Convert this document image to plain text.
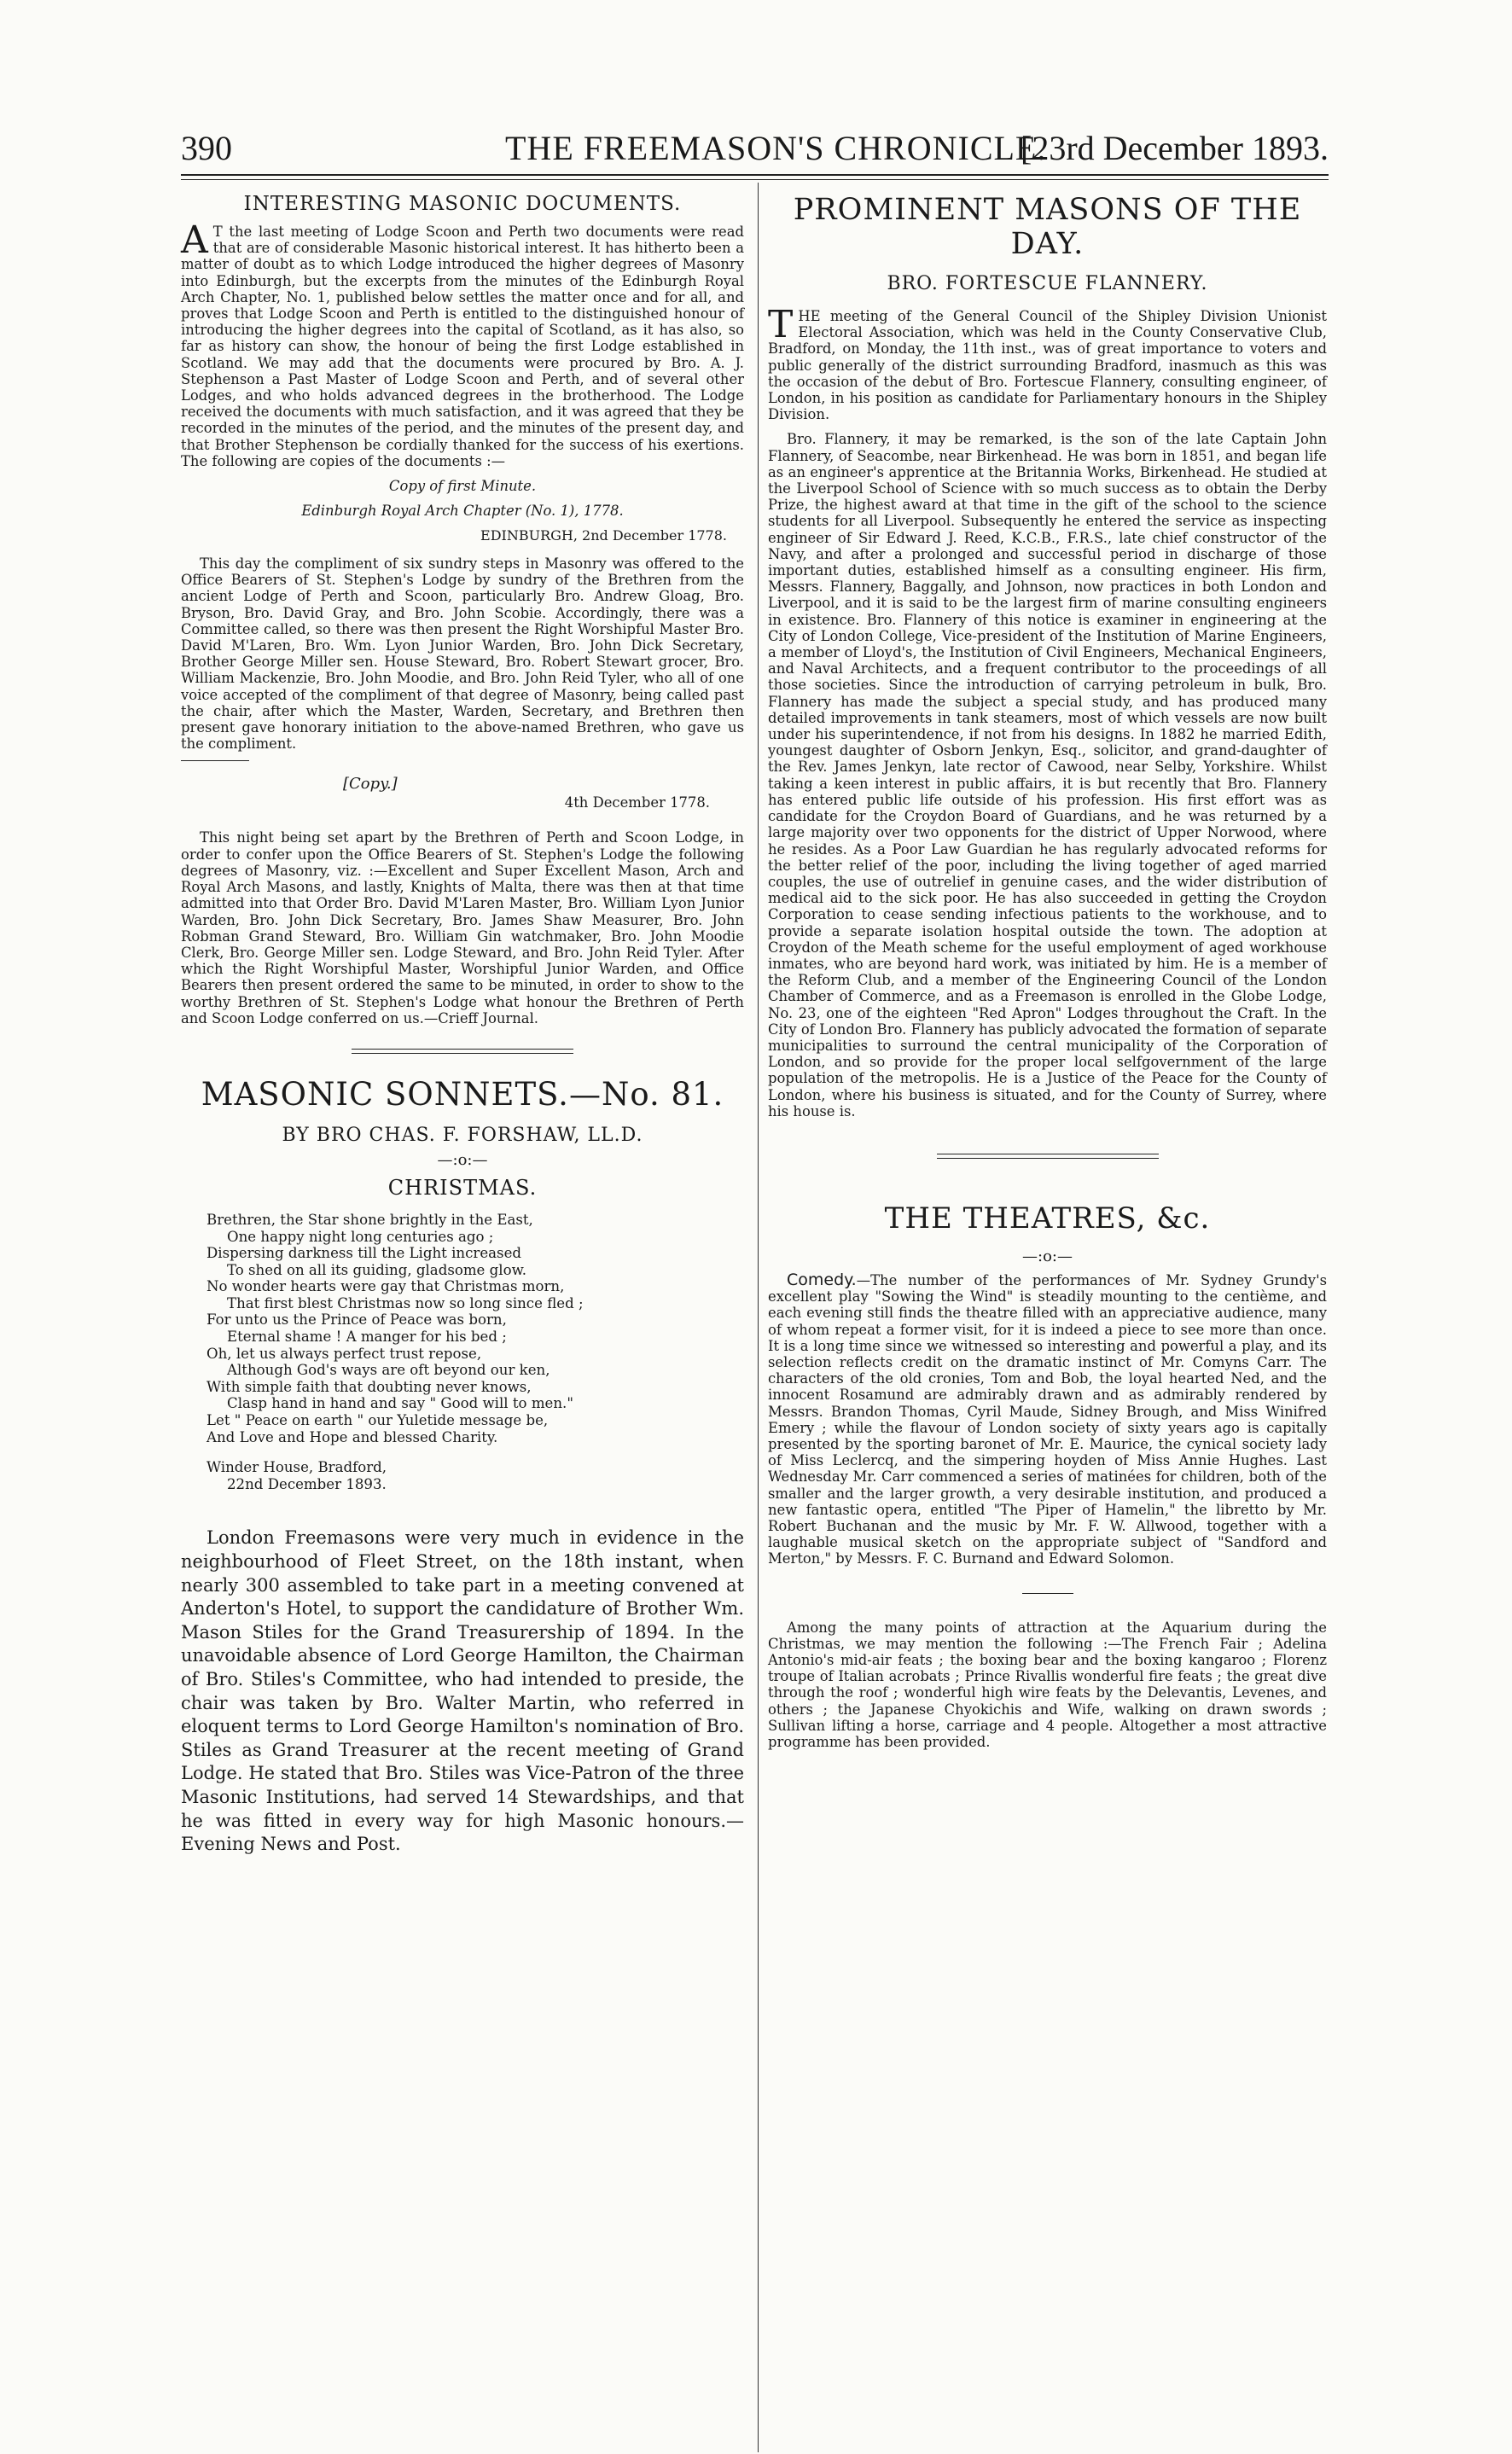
390	THE FREEMASON'S CHRONICLE.
[23rd December 1893.
INTERESTING MASONIC DOCUMENTS.

A T the last meeting of Lodge Scoon and Perth two documents were read that are of considerable Masonic historical interest. It has hitherto been a matter of doubt as to which Lodge introduced the higher degrees of Masonry into Edinburgh, but the excerpts from the minutes of the Edinburgh Royal Arch Chapter, No. 1, published below settles the matter once and for all, and proves that Lodge Scoon and Perth is entitled to the distinguished honour of introducing the higher degrees into the capital of Scotland, as it has also, so far as history can show, the honour of being the first Lodge established in Scotland. We may add that the documents were procured by Bro. A. J. Stephenson a Past Master of Lodge Scoon and Perth, and of several other Lodges, and who holds advanced degrees in the brotherhood. The Lodge received the documents with much satisfaction, and it was agreed that they be recorded in the minutes of the period, and the minutes of the present day, and that Brother Stephenson be cordially thanked for the success of his exertions. The following are copies of the documents :—

Copy of first Minute.

Edinburgh Royal Arch Chapter (No. 1), 1778.

EDINBURGH, 2nd December 1778.

This day the compliment of six sundry steps in Masonry was offered to the Office Bearers of St. Stephen's Lodge by sundry of the Brethren from the ancient Lodge of Perth and Scoon, particularly Bro. Andrew Gloag, Bro. Bryson, Bro. David Gray, and Bro. John Scobie. Accordingly, there was a Committee called, so there was then present the Right Worshipful Master Bro. David M'Laren, Bro. Wm. Lyon Junior Warden, Bro. John Dick Secretary, Brother George Miller sen. House Steward, Bro. Robert Stewart grocer, Bro. William Mackenzie, Bro. John Moodie, and Bro. John Reid Tyler, who all of one voice accepted of the compliment of that degree of Masonry, being called past the chair, after which the Master, Warden, Secretary, and Brethren then present gave honorary initiation to the above-named Brethren, who gave us the compliment.

[Copy.]

4th December 1778.

This night being set apart by the Brethren of Perth and Scoon Lodge, in order to confer upon the Office Bearers of St. Stephen's Lodge the following degrees of Masonry, viz. :—Excellent and Super Excellent Mason, Arch and Royal Arch Masons, and lastly, Knights of Malta, there was then at that time admitted into that Order Bro. David M'Laren Master, Bro. William Lyon Junior Warden, Bro. John Dick Secretary, Bro. James Shaw Measurer, Bro. John Robman Grand Steward, Bro. William Gin watchmaker, Bro. John Moodie Clerk, Bro. George Miller sen. Lodge Steward, and Bro. John Reid Tyler. After which the Right Worshipful Master, Worshipful Junior Warden, and Office Bearers then present ordered the same to be minuted, in order to show to the worthy Brethren of St. Stephen's Lodge what honour the Brethren of Perth and Scoon Lodge conferred on us.—Crieff Journal.

MASONIC SONNETS.—No. 81.

BY BRO CHAS. F. FORSHAW, LL.D.

—:o:—

CHRISTMAS.
Brethren, the Star shone brightly in the East,
One happy night long centuries ago ;
Dispersing darkness till the Light increased
To shed on all its guiding, gladsome glow.
No wonder hearts were gay that Christmas morn,
That first blest Christmas now so long since fled ;
For unto us the Prince of Peace was born,
Eternal shame ! A manger for his bed ;
Oh, let us always perfect trust repose,
Although God's ways are oft beyond our ken,
With simple faith that doubting never knows,
Clasp hand in hand and say " Good will to men."
Let " Peace on earth " our Yuletide message be,
And Love and Hope and blessed Charity.
Winder House, Bradford,
22nd December 1893.

London Freemasons were very much in evidence in the neighbourhood of Fleet Street, on the 18th instant, when nearly 300 assembled to take part in a meeting convened at Anderton's Hotel, to support the candidature of Brother Wm. Mason Stiles for the Grand Treasurership of 1894. In the unavoidable absence of Lord George Hamilton, the Chairman of Bro. Stiles's Committee, who had intended to preside, the chair was taken by Bro. Walter Martin, who referred in eloquent terms to Lord George Hamilton's nomination of Bro. Stiles as Grand Treasurer at the recent meeting of Grand Lodge. He stated that Bro. Stiles was Vice-Patron of the three Masonic Institutions, had served 14 Stewardships, and that he was fitted in every way for high Masonic honours.—Evening News and Post.

PROMINENT MASONS OF THE DAY.
BRO. FORTESCUE FLANNERY.

THE meeting of the General Council of the Shipley Division Unionist Electoral Association, which was held in the County Conservative Club, Bradford, on Monday, the 11th inst., was of great importance to voters and public generally of the district surrounding Bradford, inasmuch as this was the occasion of the debut of Bro. Fortescue Flannery, consulting engineer, of London, in his position as candidate for Parliamentary honours in the Shipley Division.

Bro. Flannery, it may be remarked, is the son of the late Captain John Flannery, of Seacombe, near Birkenhead. He was born in 1851, and began life as an engineer's apprentice at the Britannia Works, Birkenhead. He studied at the Liverpool School of Science with so much success as to obtain the Derby Prize, the highest award at that time in the gift of the school to the science students for all Liverpool. Subsequently he entered the service as inspecting engineer of Sir Edward J. Reed, K.C.B., F.R.S., late chief constructor of the Navy, and after a prolonged and successful period in discharge of those important duties, established himself as a consulting engineer. His firm, Messrs. Flannery, Baggally, and Johnson, now practices in both London and Liverpool, and it is said to be the largest firm of marine consulting engineers in existence. Bro. Flannery of this notice is examiner in engineering at the City of London College, Vice-president of the Institution of Marine Engineers, a member of Lloyd's, the Institution of Civil Engineers, Mechanical Engineers, and Naval Architects, and a frequent contributor to the proceedings of all those societies. Since the introduction of carrying petroleum in bulk, Bro. Flannery has made the subject a special study, and has produced many detailed improvements in tank steamers, most of which vessels are now built under his superintendence, if not from his designs. In 1882 he married Edith, youngest daughter of Osborn Jenkyn, Esq., solicitor, and grand-daughter of the Rev. James Jenkyn, late rector of Cawood, near Selby, Yorkshire. Whilst taking a keen interest in public affairs, it is but recently that Bro. Flannery has entered public life outside of his profession. His first effort was as candidate for the Croydon Board of Guardians, and he was returned by a large majority over two opponents for the district of Upper Norwood, where he resides. As a Poor Law Guardian he has regularly advocated reforms for the better relief of the poor, including the living together of aged married couples, the use of outrelief in genuine cases, and the wider distribution of medical aid to the sick poor. He has also succeeded in getting the Croydon Corporation to cease sending infectious patients to the workhouse, and to provide a separate isolation hospital outside the town. The adoption at Croydon of the Meath scheme for the useful employment of aged workhouse inmates, who are beyond hard work, was initiated by him. He is a member of the Reform Club, and a member of the Engineering Council of the London Chamber of Commerce, and as a Freemason is enrolled in the Globe Lodge, No. 23, one of the eighteen "Red Apron" Lodges throughout the Craft. In the City of London Bro. Flannery has publicly advocated the formation of separate municipalities to surround the central municipality of the Corporation of London, and so provide for the proper local selfgovernment of the large population of the metropolis. He is a Justice of the Peace for the County of London, where his business is situated, and for the County of Surrey, where his house is.

THE THEATRES, &c.

—:o:—

Comedy.—The number of the performances of Mr. Sydney Grundy's excellent play "Sowing the Wind" is steadily mounting to the centième, and each evening still finds the theatre filled with an appreciative audience, many of whom repeat a former visit, for it is indeed a piece to see more than once. It is a long time since we witnessed so interesting and powerful a play, and its selection reflects credit on the dramatic instinct of Mr. Comyns Carr. The characters of the old cronies, Tom and Bob, the loyal hearted Ned, and the innocent Rosamund are admirably drawn and as admirably rendered by Messrs. Brandon Thomas, Cyril Maude, Sidney Brough, and Miss Winifred Emery ; while the flavour of London society of sixty years ago is capitally presented by the sporting baronet of Mr. E. Maurice, the cynical society lady of Miss Leclercq, and the simpering hoyden of Miss Annie Hughes. Last Wednesday Mr. Carr commenced a series of matinées for children, both of the smaller and the larger growth, a very desirable institution, and produced a new fantastic opera, entitled "The Piper of Hamelin," the libretto by Mr. Robert Buchanan and the music by Mr. F. W. Allwood, together with a laughable musical sketch on the appropriate subject of "Sandford and Merton," by Messrs. F. C. Burnand and Edward Solomon.

Among the many points of attraction at the Aquarium during the Christmas, we may mention the following :—The French Fair ; Adelina Antonio's mid-air feats ; the boxing bear and the boxing kangaroo ; Florenz troupe of Italian acrobats ; Prince Rivallis wonderful fire feats ; the great dive through the roof ; wonderful high wire feats by the Delevantis, Levenes, and others ; the Japanese Chyokichis and Wife, walking on drawn swords ; Sullivan lifting a horse, carriage and 4 people. Altogether a most attractive programme has been provided.
